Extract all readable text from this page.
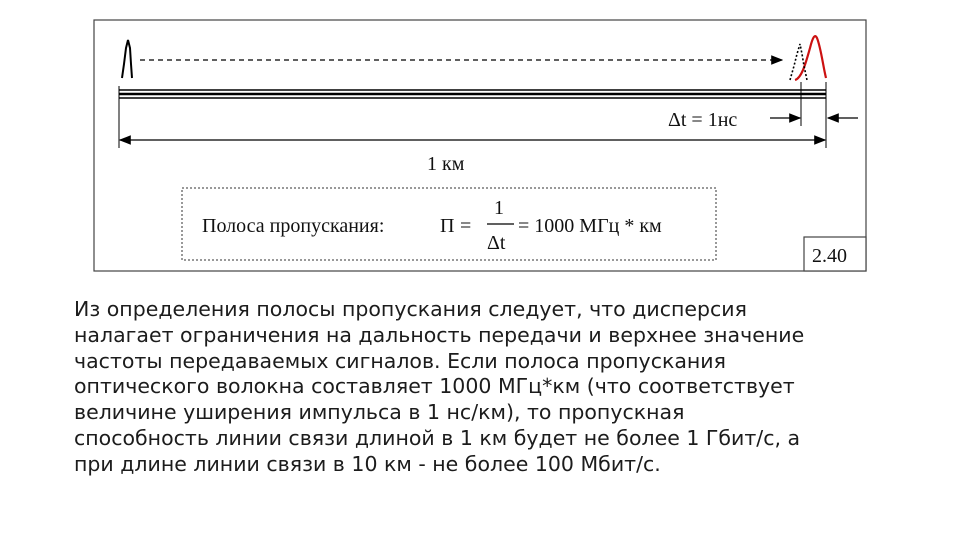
Δt = 1нс
1 км
Полоса пропускания:	П =
1
Δt
= 1000 МГц * км
2.40
Из определения полосы пропускания следует, что дисперсия
налагает ограничения на дальность передачи и верхнее значение
частоты передаваемых сигналов. Если полоса пропускания
оптического волокна составляет 1000 МГц*км (что соответствует
величине уширения импульса в 1 нс/км), то пропускная
способность линии связи длиной в 1 км будет не более 1 Гбит/с, а
при длине линии связи в 10 км - не более 100 Мбит/с.
